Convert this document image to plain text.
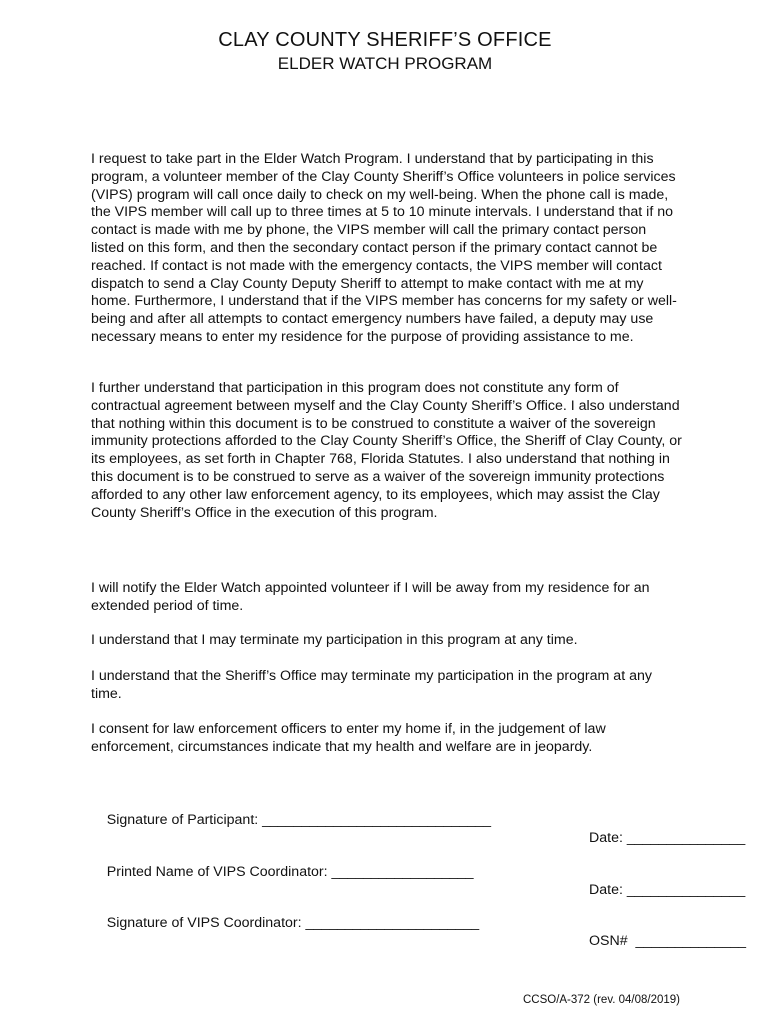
CLAY COUNTY SHERIFF’S OFFICE
ELDER WATCH PROGRAM

I request to take part in the Elder Watch Program. I understand that by participating in this program, a volunteer member of the Clay County Sheriff’s Office volunteers in police services (VIPS) program will call once daily to check on my well-being. When the phone call is made, the VIPS member will call up to three times at 5 to 10 minute intervals. I understand that if no contact is made with me by phone, the VIPS member will call the primary contact person listed on this form, and then the secondary contact person if the primary contact cannot be reached. If contact is not made with the emergency contacts, the VIPS member will contact dispatch to send a Clay County Deputy Sheriff to attempt to make contact with me at my home. Furthermore, I understand that if the VIPS member has concerns for my safety or well-being and after all attempts to contact emergency numbers have failed, a deputy may use necessary means to enter my residence for the purpose of providing assistance to me.

I further understand that participation in this program does not constitute any form of contractual agreement between myself and the Clay County Sheriff’s Office. I also understand that nothing within this document is to be construed to constitute a waiver of the sovereign immunity protections afforded to the Clay County Sheriff’s Office, the Sheriff of Clay County, or its employees, as set forth in Chapter 768, Florida Statutes. I also understand that nothing in this document is to be construed to serve as a waiver of the sovereign immunity protections afforded to any other law enforcement agency, to its employees, which may assist the Clay County Sheriff’s Office in the execution of this program.

I will notify the Elder Watch appointed volunteer if I will be away from my residence for an extended period of time.

I understand that I may terminate my participation in this program at any time.

I understand that the Sheriff’s Office may terminate my participation in the program at any time.

I consent for law enforcement officers to enter my home if, in the judgement of law enforcement, circumstances indicate that my health and welfare are in jeopardy.

Signature of Participant: _____________________________

Date: _______________

Printed Name of VIPS Coordinator: __________________

Date: _______________

Signature of VIPS Coordinator: ______________________

OSN#  ______________

CCSO/A-372 (rev. 04/08/2019)
